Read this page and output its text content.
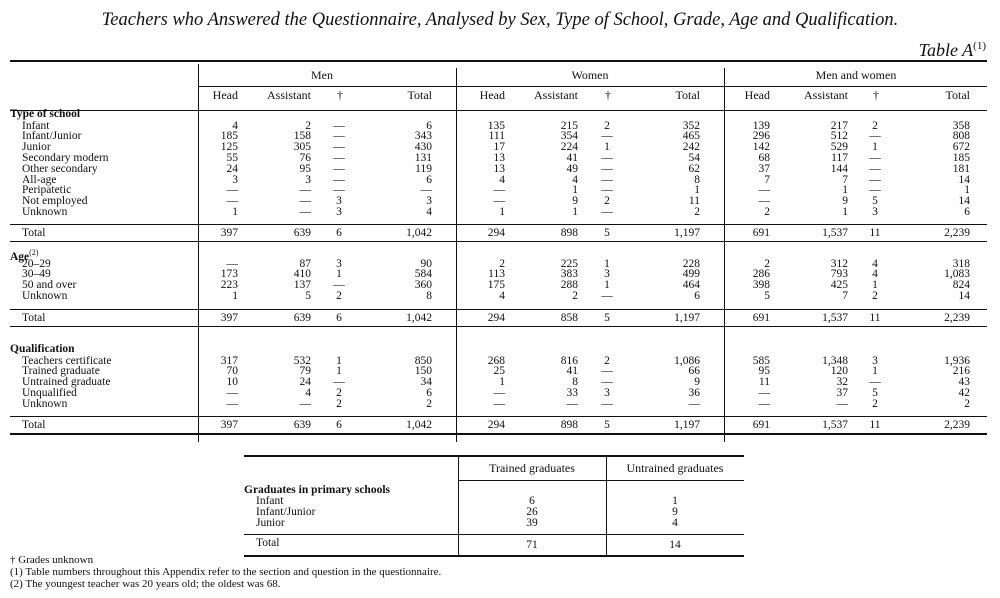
Teachers who Answered the Questionnaire, Analysed by Sex, Type of School, Grade, Age and Qualification.
Table $A^{(1)}$
Men	Women	Men and women
Head	Assistant	†	Total	Head	Assistant	†	Total	Head	Assistant	†	Total
Type of school
Infant	4	2	—	6	135	215	2	352	139	217	2	358
Infant/Junior	185	158	—	343	111	354	—	465	296	512	—	808
Junior	125	305	—	430	17	224	1	242	142	529	1	672
Secondary modern	55	76	—	131	13	41	—	54	68	117	—	185
Other secondary	24	95	—	119	13	49	—	62	37	144	—	181
All-age	3	3	—	6	4	4	—	8	7	7	—	14
Peripatetic	—	—	—	—	—	1	—	1	—	1	—	1
Not employed	—	—	3	3	—	9	2	11	—	9	5	14
Unknown	1	—	3	4	1	1	—	2	2	1	3	6
Total	397	639	6	1,042	294	898	5	1,197	691	1,537	11	2,239
Age$^{(2)}$
20–29	—	87	3	90	2	225	1	228	2	312	4	318
30–49	173	410	1	584	113	383	3	499	286	793	4	1,083
50 and over	223	137	—	360	175	288	1	464	398	425	1	824
Unknown	1	5	2	8	4	2	—	6	5	7	2	14
Total	397	639	6	1,042	294	858	5	1,197	691	1,537	11	2,239
Qualification
Teachers certificate	317	532	1	850	268	816	2	1,086	585	1,348	3	1,936
Trained graduate	70	79	1	150	25	41	—	66	95	120	1	216
Untrained graduate	10	24	—	34	1	8	—	9	11	32	—	43
Unqualified	—	4	2	6	—	33	3	36	—	37	5	42
Unknown	—	—	2	2	—	—	—	—	—	—	2	2
Total	397	639	6	1,042	294	898	5	1,197	691	1,537	11	2,239
Trained graduates	Untrained graduates
Graduates in primary schools
Infant	6	1
Infant/Junior	26	9
Junior	39	4
Total	71	14
† Grades unknown
(1) Table numbers throughout this Appendix refer to the section and question in the questionnaire.
(2) The youngest teacher was 20 years old; the oldest was 68.
